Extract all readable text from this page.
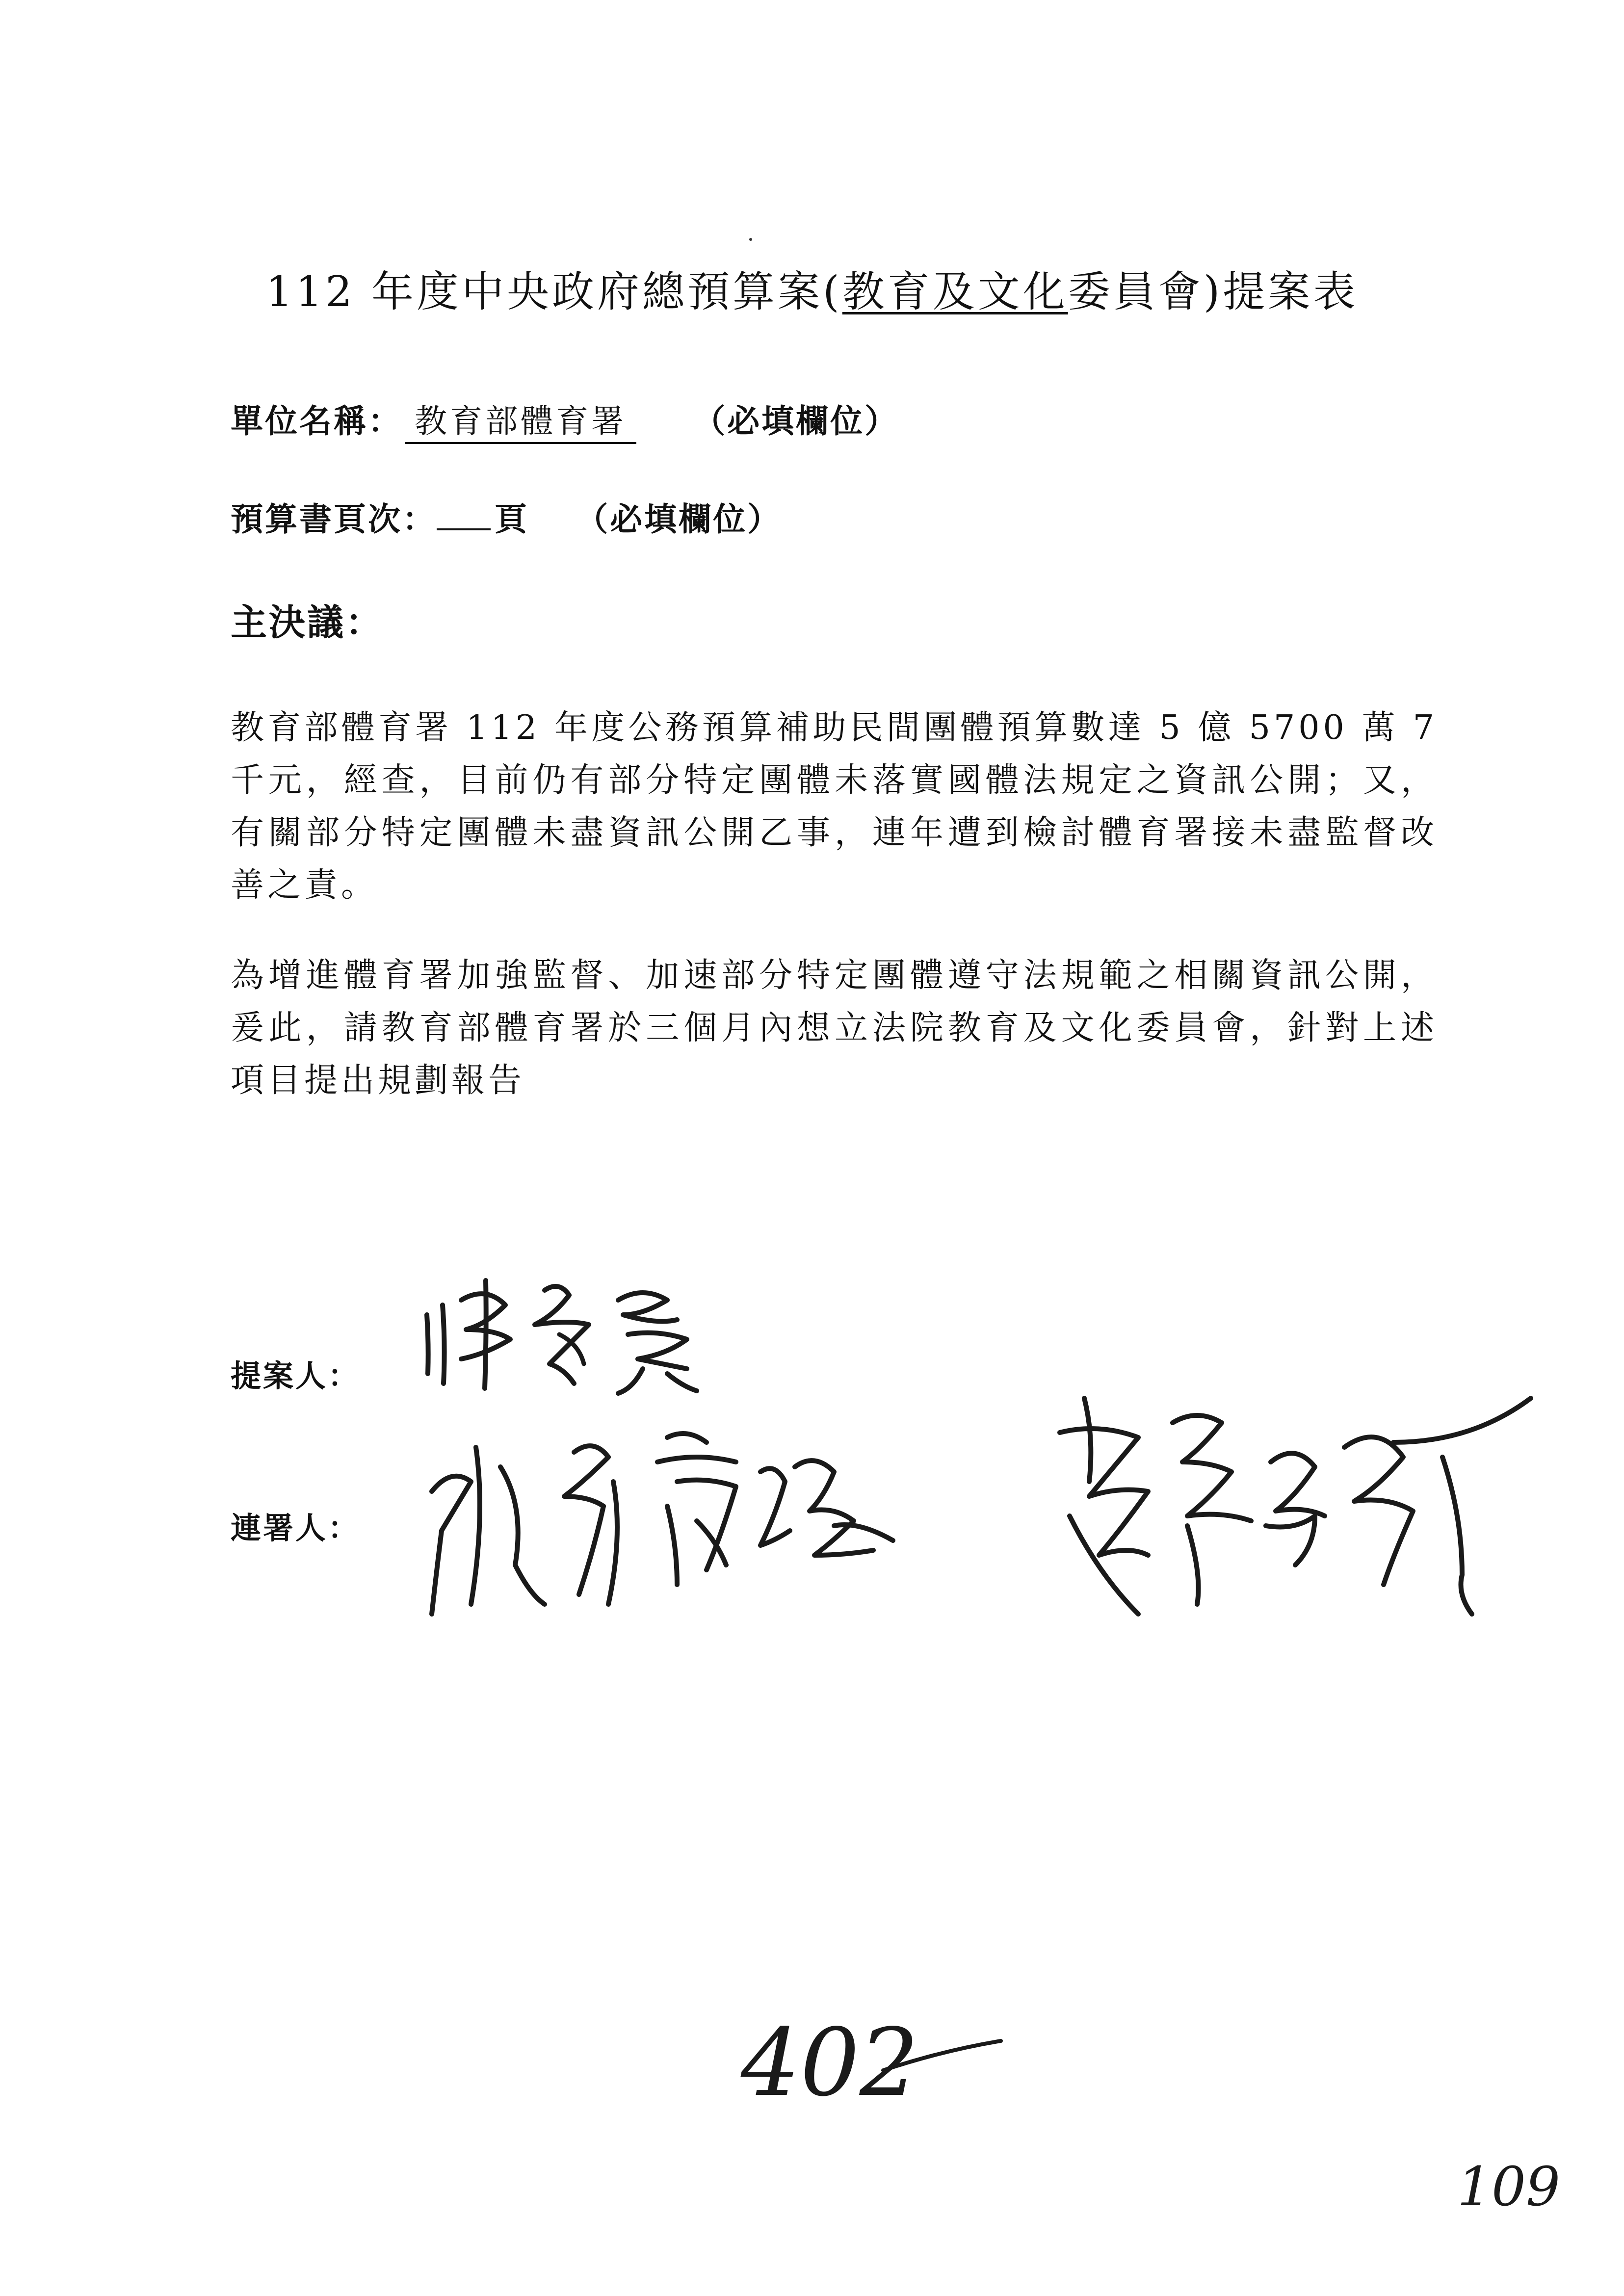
112 年度中央政府總預算案(教育及文化委員會)提案表
單位名稱： 教育部體育署 （必填欄位）
預算書頁次： 頁 （必填欄位）
主決議：
教育部體育署 112 年度公務預算補助民間團體預算數達 5 億 5700 萬 7 千元，經查，目前仍有部分特定團體未落實國體法規定之資訊公開；又，有關部分特定團體未盡資訊公開乙事，連年遭到檢討體育署接未盡監督改善之責。
為增進體育署加強監督、加速部分特定團體遵守法規範之相關資訊公開，爰此，請教育部體育署於三個月內想立法院教育及文化委員會，針對上述項目提出規劃報告
提案人：
連署人：
402
109
